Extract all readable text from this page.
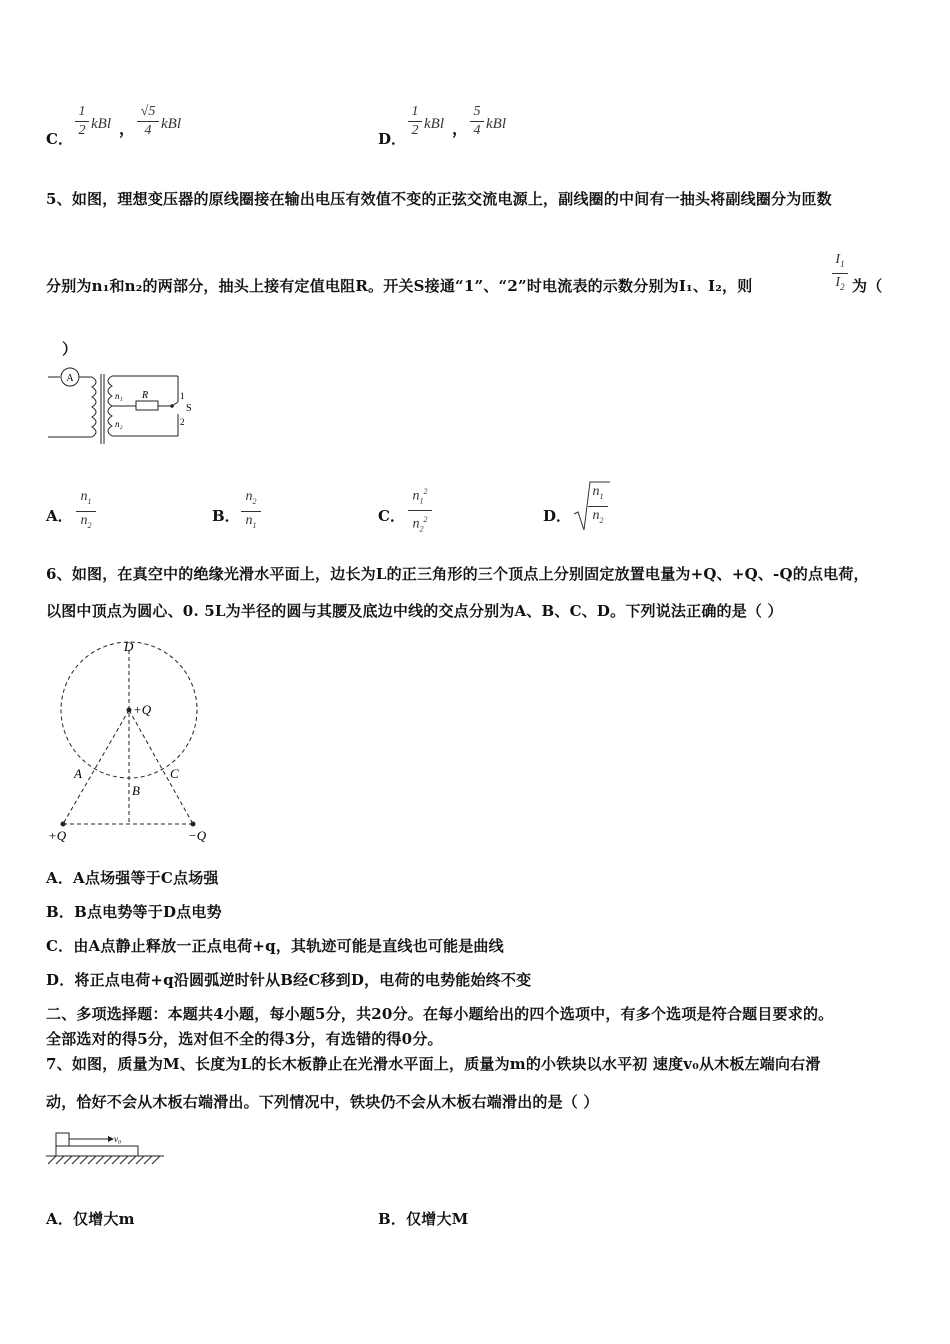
C．
1
2 kBl ，
√5
4 kBl
D．
1
2 kBl ，
5
4 kBl
5、如图，理想变压器的原线圈接在输出电压有效值不变的正弦交流电源上，副线圈的中间有一抽头将副线圈分为匝数
分别为n₁和n₂的两部分，抽头上接有定值电阻R。开关S接通“1”、“2”时电流表的示数分别为I₁、I₂，则
$I_1$
$I_2$ 为（
）
A
R
n₁
n₂
S
1
2
A．
$n_1$
$n_2$
B．
$n_2$
$n_1$
C．
$n_1^2$
$n_2^2$	D．
$n_1$
$n_2$
6、如图，在真空中的绝缘光滑水平面上，边长为L的正三角形的三个顶点上分别固定放置电量为+Q、+Q、-Q的点电荷，
以图中顶点为圆心、0. 5L为半径的圆与其腰及底边中线的交点分别为A、B、C、D。下列说法正确的是（ ）
D
+Q
A
B
C
+Q	−Q
A．A点场强等于C点场强
B．B点电势等于D点电势
C．由A点静止释放一正点电荷+q，其轨迹可能是直线也可能是曲线
D．将正点电荷+q沿圆弧逆时针从B经C移到D，电荷的电势能始终不变
二、多项选择题：本题共4小题，每小题5分，共20分。在每小题给出的四个选项中，有多个选项是符合题目要求的。
全部选对的得5分，选对但不全的得3分，有选错的得0分。
7、如图，质量为M、长度为L的长木板静止在光滑水平面上，质量为m的小铁块以水平初 速度v₀从木板左端向右滑
动，恰好不会从木板右端滑出。下列情况中，铁块仍不会从木板右端滑出的是（ ）
v₀
A．仅增大m	B．仅增大M
